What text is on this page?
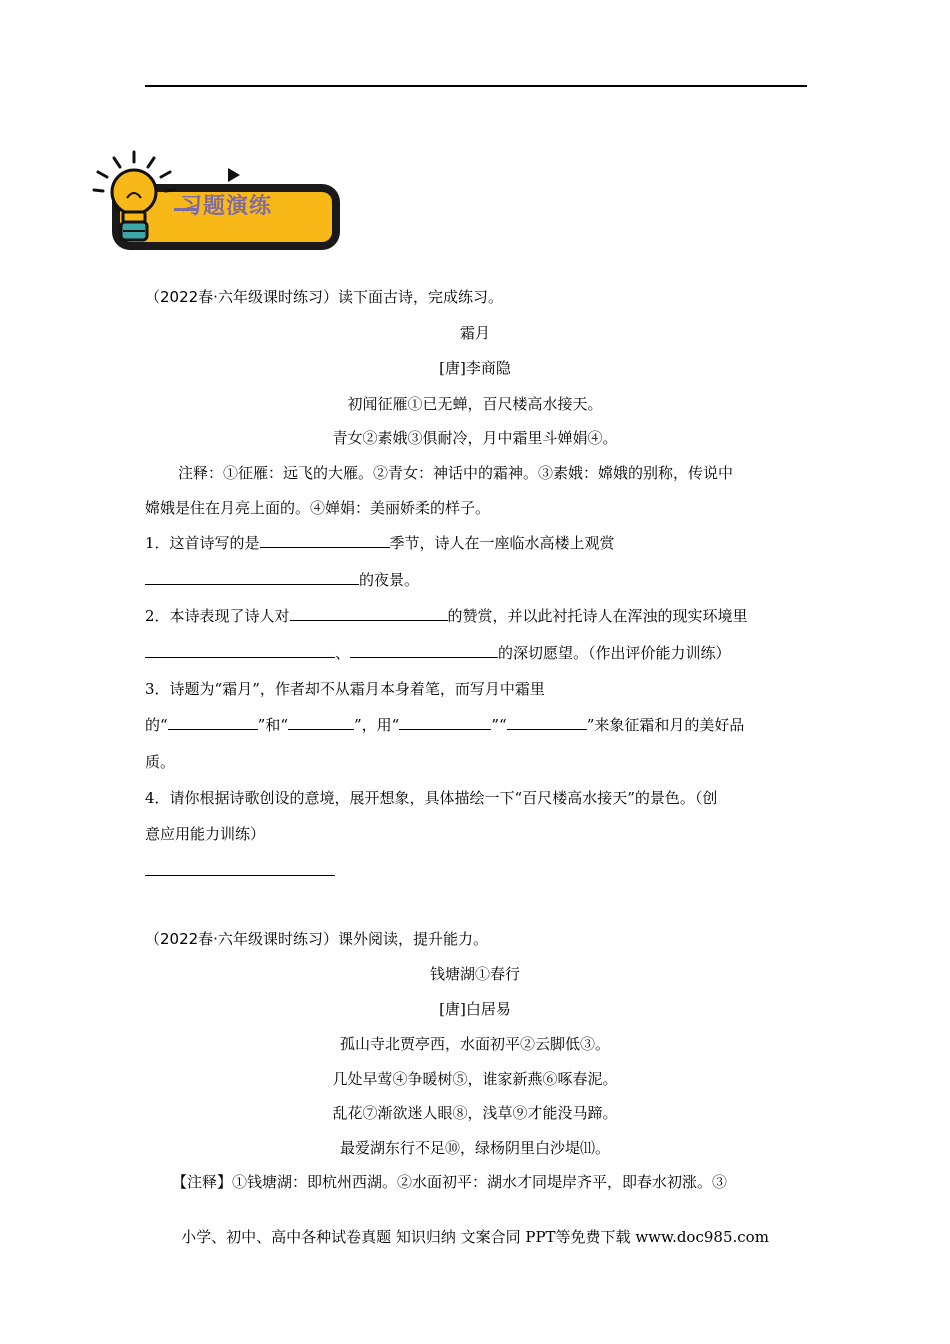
习题演练
（2022春·六年级课时练习）读下面古诗，完成练习。
霜月
[唐]李商隐
初闻征雁①已无蝉，百尺楼高水接天。
青女②素娥③俱耐冷，月中霜里斗婵娟④。
注释：①征雁：远飞的大雁。②青女：神话中的霜神。③素娥：嫦娥的别称，传说中
嫦娥是住在月亮上面的。④婵娟：美丽娇柔的样子。
1．这首诗写的是	季节，诗人在一座临水高楼上观赏
的夜景。
2．本诗表现了诗人对	的赞赏，并以此衬托诗人在浑浊的现实环境里
、	的深切愿望。（作出评价能力训练）
3．诗题为“霜月”，作者却不从霜月本身着笔，而写月中霜里
的“	”和“	”，用“	”“	”来象征霜和月的美好品
质。
4．请你根据诗歌创设的意境，展开想象，具体描绘一下“百尺楼高水接天”的景色。（创
意应用能力训练）
（2022春·六年级课时练习）课外阅读，提升能力。
钱塘湖①春行
[唐]白居易
孤山寺北贾亭西，水面初平②云脚低③。
几处早莺④争暖树⑤，谁家新燕⑥啄春泥。
乱花⑦渐欲迷人眼⑧，浅草⑨才能没马蹄。
最爱湖东行不足⑩，绿杨阴里白沙堤⑾。
【注释】①钱塘湖：即杭州西湖。②水面初平：湖水才同堤岸齐平，即春水初涨。③
小学、初中、高中各种试卷真题 知识归纳 文案合同 PPT等免费下载 www.doc985.com
